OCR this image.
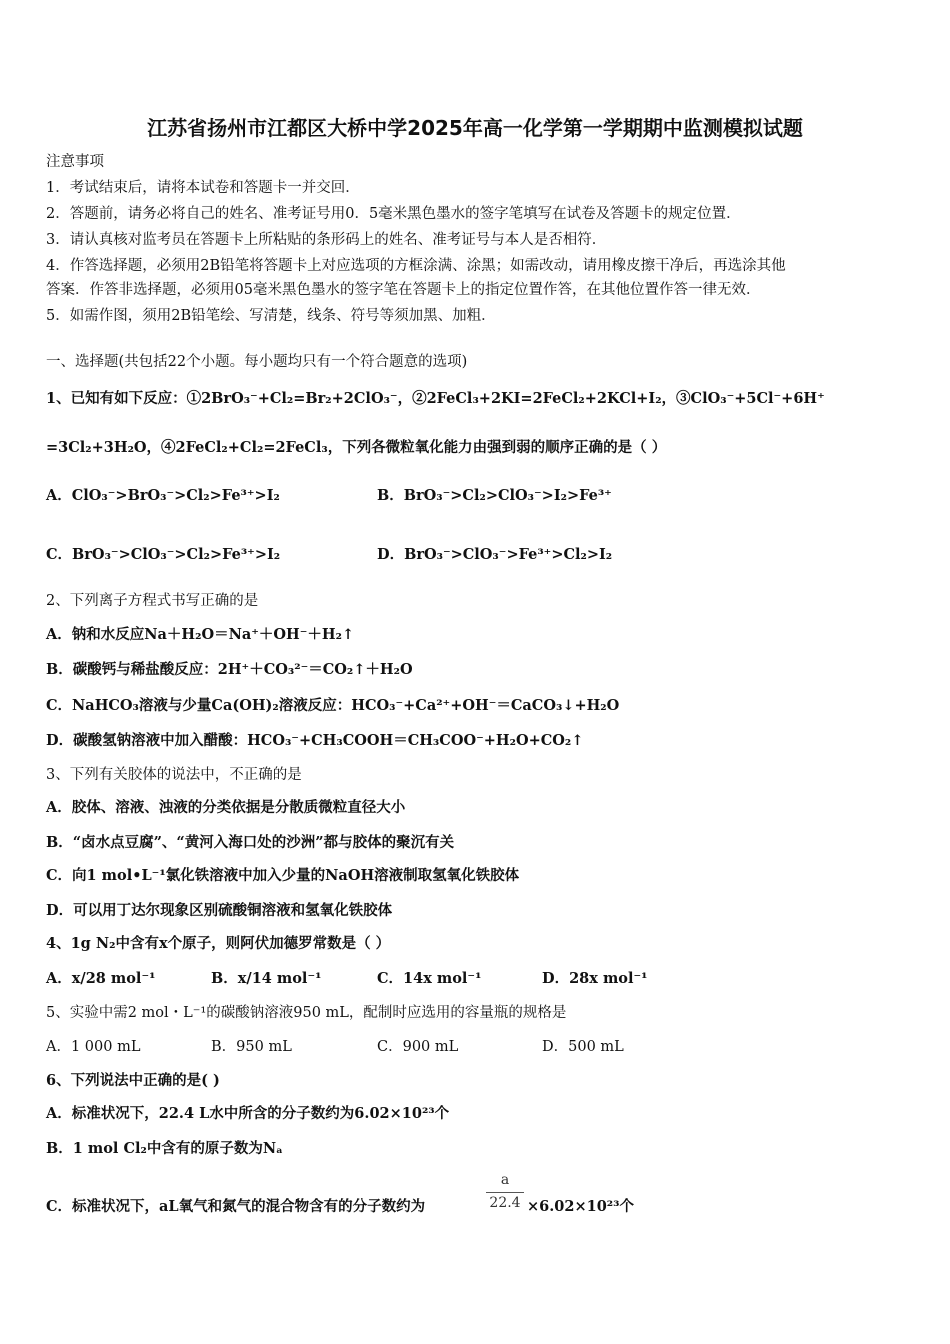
江苏省扬州市江都区大桥中学2025年高一化学第一学期期中监测模拟试题
注意事项
1．考试结束后，请将本试卷和答题卡一并交回．
2．答题前，请务必将自己的姓名、准考证号用0．5毫米黑色墨水的签字笔填写在试卷及答题卡的规定位置．
3．请认真核对监考员在答题卡上所粘贴的条形码上的姓名、准考证号与本人是否相符．
4．作答选择题，必须用2B铅笔将答题卡上对应选项的方框涂满、涂黑；如需改动，请用橡皮擦干净后，再选涂其他
答案．作答非选择题，必须用05毫米黑色墨水的签字笔在答题卡上的指定位置作答，在其他位置作答一律无效．
5．如需作图，须用2B铅笔绘、写清楚，线条、符号等须加黑、加粗．
一、选择题(共包括22个小题。每小题均只有一个符合题意的选项)
1、已知有如下反应：①2BrO₃⁻+Cl₂=Br₂+2ClO₃⁻，②2FeCl₃+2KI=2FeCl₂+2KCl+I₂，③ClO₃⁻+5Cl⁻+6H⁺
=3Cl₂+3H₂O，④2FeCl₂+Cl₂=2FeCl₃，下列各微粒氧化能力由强到弱的顺序正确的是（ ）
A．ClO₃⁻>BrO₃⁻>Cl₂>Fe³⁺>I₂	B．BrO₃⁻>Cl₂>ClO₃⁻>I₂>Fe³⁺
C．BrO₃⁻>ClO₃⁻>Cl₂>Fe³⁺>I₂	D．BrO₃⁻>ClO₃⁻>Fe³⁺>Cl₂>I₂
2、下列离子方程式书写正确的是
A．钠和水反应Na＋H₂O＝Na⁺＋OH⁻＋H₂↑
B．碳酸钙与稀盐酸反应：2H⁺＋CO₃²⁻＝CO₂↑＋H₂O
C．NaHCO₃溶液与少量Ca(OH)₂溶液反应：HCO₃⁻+Ca²⁺+OH⁻＝CaCO₃↓+H₂O
D．碳酸氢钠溶液中加入醋酸：HCO₃⁻+CH₃COOH＝CH₃COO⁻+H₂O+CO₂↑
3、下列有关胶体的说法中，不正确的是
A．胶体、溶液、浊液的分类依据是分散质微粒直径大小
B．“卤水点豆腐”、“黄河入海口处的沙洲”都与胶体的聚沉有关
C．向1 mol•L⁻¹氯化铁溶液中加入少量的NaOH溶液制取氢氧化铁胶体
D．可以用丁达尔现象区别硫酸铜溶液和氢氧化铁胶体
4、1g N₂中含有x个原子，则阿伏加德罗常数是（ ）
A．x/28 mol⁻¹	B．x/14 mol⁻¹	C．14x mol⁻¹	D．28x mol⁻¹
5、实验中需2 mol・L⁻¹的碳酸钠溶液950 mL，配制时应选用的容量瓶的规格是
A．1 000 mL	B．950 mL	C．900 mL	D．500 mL
6、下列说法中正确的是( )
A．标准状况下，22.4 L水中所含的分子数约为6.02×10²³个
B．1 mol Cl₂中含有的原子数为Nₐ
C．标准状况下，aL氧气和氮气的混合物含有的分子数约为
a
22.4 ×6.02×10²³个
